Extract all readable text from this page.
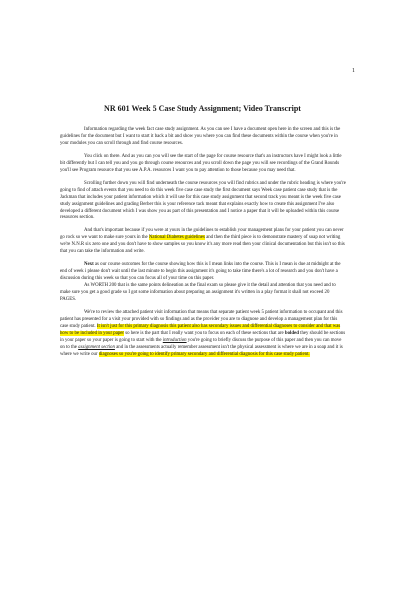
1
NR 601 Week 5 Case Study Assignment; Video Transcript

Information regarding the week fact case study assignment. As you can see I have a document open here in the screen and this is the guidelines for the document but I want to start it back a bit and show you where you can find these documents within the course when you're in your modules you can scroll through and find course resources.

You click on there. And as you can you will see the start of the page for course resource that's an instructors have I might look a little bit differently but I can tell you and you go through course resources and you scroll down the page you will see recordings of the Grand Rounds you'll see Program resource that you see A.P.A. resources I want you to pay attention to those because you may need that.

Scrolling further down you will find underneath the course resources you will find rubrics and under the rubric heading is where you're going to find of attach events that you need to do this week five case case study the first document says Week case patient case study that is the Jackman that includes your patient information which it will use for this case study assignment that second track you meant is the week five case study assignment guidelines and grading Berber this is your reference tack meant that explains exactly how to create this assignment I've also developed a different document which I was show you as part of this presentation and I notice a paper that it will be uploaded within this course resources section.

And that's important because if you were at yours in the guidelines to establish your management plans for your patient you can never go rock so we want to make sure yours in the National Diabetes guidelines and then the third piece is to demonstrate mastery of soap not writing we're N.N.R six zero one and you don't have to show samples so you know it's any more read then your clinical documentation but this isn't so this that you can take the information and write.

Next as our course outcomes for the course showing how this is I mean links into the course. This is I mean is due at midnight at the end of week i please don't wait until the last minute to begin this assignment it's going to take time there's a lot of research and you don't have a discussion during this week so that you can focus all of your time on this paper.

As WORTH 200 that is the same points delineation as the final exam so please give it the detail and attention that you need and to make sure you get a good grade so I got some information about preparing an assignment it's written in a play format it shall not exceed 20 PAGES.

We're to review the attached patient visit information that means that separate patient week 5 patient information to occupant and this patient has presented for a visit your provided with so findings and as the provider you are to diagnose and develop a management plan for this case study patient. It isn't just for this primary diagnosis this patient also has secondary issues and differential diagnoses to consider and that was how to be included in your paper so here is the part that I really want you to focus on each of these sections that are bolded they should be sections in your paper so your paper is going to start with the introduction you're going to briefly discuss the purpose of this paper and then you can move on to the assignment section and in the assessments actually remember assessment isn't the physical assessment is where we are in a soap and it is where we write our diagnoses so you're going to identify primary secondary and differential diagnosis for this case study patient.
